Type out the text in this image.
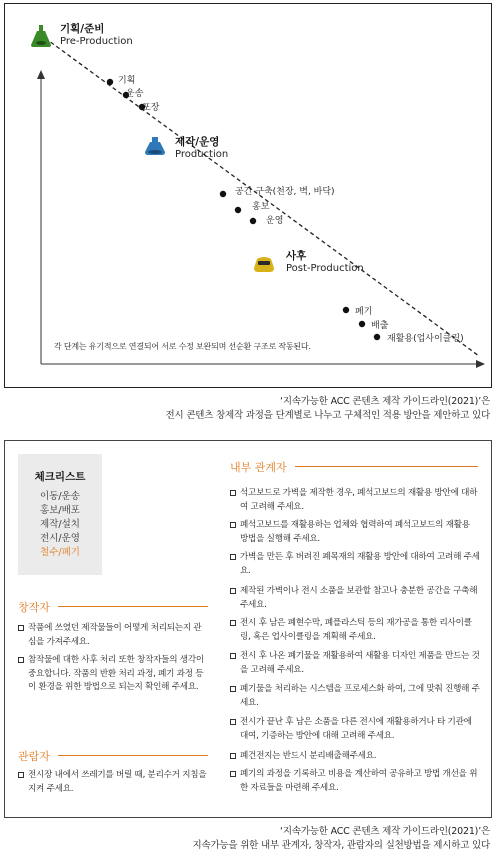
기획/준비
Pre-Production
제작/운영
Production
사후
Post-Production
기획
운송
포장
공간 구축(천장, 벽, 바닥)
홍보
운영
폐기
배출
재활용(업사이클링)
각 단계는 유기적으로 연결되어 서로 수정 보완되며 선순환 구조로 작동된다.
‘지속가능한 ACC 콘텐츠 제작 가이드라인(2021)’은
전시 콘텐츠 창제작 과정을 단계별로 나누고 구체적인 적용 방안을 제안하고 있다
체크리스트
이동/운송
홍보/배포
제작/설치
전시/운영
철수/폐기
창작자
작품에 쓰였던 제작물들이 어떻게 처리되는지 관심을 가져주세요.
참작물에 대한 사후 처리 또한 창작자들의 생각이 중요합니다. 작품의 반환 처리 과정, 폐기 과정 등이 환경을 위한 방법으로 되는지 확인해 주세요.
관람자
전시장 내에서 쓰레기를 버릴 때, 분리수거 지침을 지켜 주세요.
내부 관계자
석고보드로 가벽을 제작한 경우, 폐석고보드의 재활용 방안에 대하여 고려해 주세요.
폐석고보드를 재활용하는 업체와 협력하여 폐석고보드의 재활용 방법을 실행해 주세요.
가벽을 만든 후 버려진 폐목재의 재활용 방안에 대하여 고려해 주세요.
제작된 가벽이나 전시 소품을 보관할 참고나 충분한 공간을 구축해 주세요.
전시 후 남은 폐현수막, 폐플라스틱 등의 재가공을 통한 리사이클링, 혹은 업사이클링을 계획해 주세요.
전시 후 나온 폐기물을 재활용하여 새활용 디자인 제품을 만드는 것을 고려해 주세요.
폐기물을 처리하는 시스템을 프로세스화 하여, 그에 맞춰 진행해 주세요.
전시가 끝난 후 남은 소품을 다른 전시에 재활용하거나 타 기관에 대여, 기증하는 방안에 대해 고려해 주세요.
폐건전지는 반드시 분리배출해주세요.
폐기의 과정을 기록하고 비용을 계산하여 공유하고 방법 개선을 위한 자료들을 마련해 주세요.
‘지속가능한 ACC 콘텐츠 제작 가이드라인(2021)’은
지속가능을 위한 내부 관계자, 창작자, 관람자의 실천방법을 제시하고 있다
